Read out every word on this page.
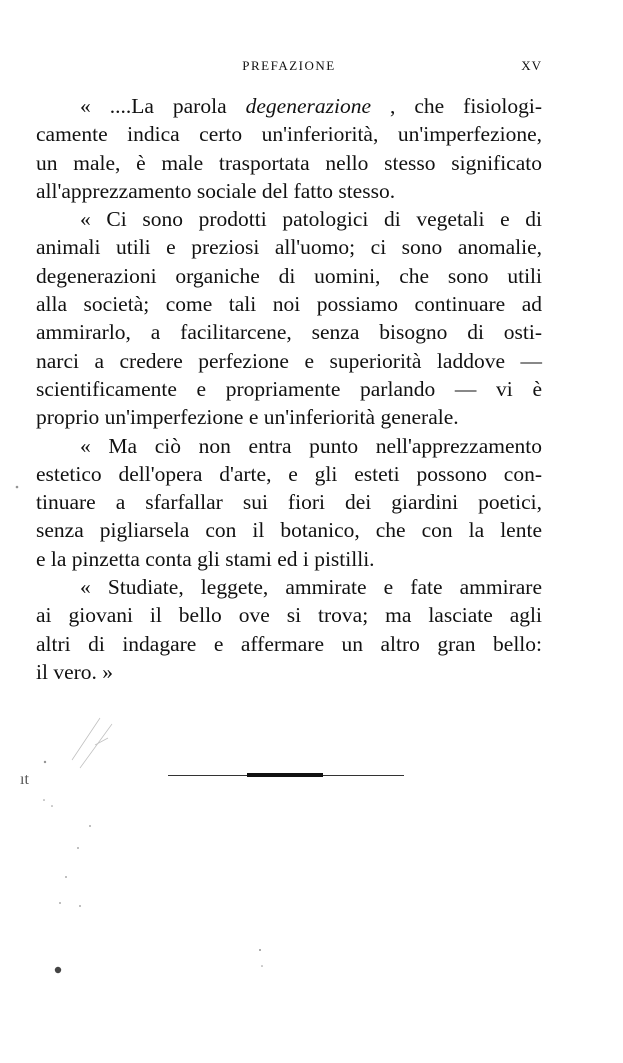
PREFAZIONE	XV
« ....La parola degenerazione , che fisiologi-
camente indica certo un'inferiorità, un'imperfezione,
un male, è male trasportata nello stesso significato
all'apprezzamento sociale del fatto stesso.
« Ci sono prodotti patologici di vegetali e di
animali utili e preziosi all'uomo; ci sono anomalie,
degenerazioni organiche di uomini, che sono utili
alla società; come tali noi possiamo continuare ad
ammirarlo, a facilitarcene, senza bisogno di osti-
narci a credere perfezione e superiorità laddove —
scientificamente e propriamente parlando — vi è
proprio un'imperfezione e un'inferiorità generale.
« Ma ciò non entra punto nell'apprezzamento
estetico dell'opera d'arte, e gli esteti possono con-
tinuare a sfarfallar sui fiori dei giardini poetici,
senza pigliarsela con il botanico, che con la lente
e la pinzetta conta gli stami ed i pistilli.
« Studiate, leggete, ammirate e fate ammirare
ai giovani il bello ove si trova; ma lasciate agli
altri di indagare e affermare un altro gran bello:
il vero. »
ıt
